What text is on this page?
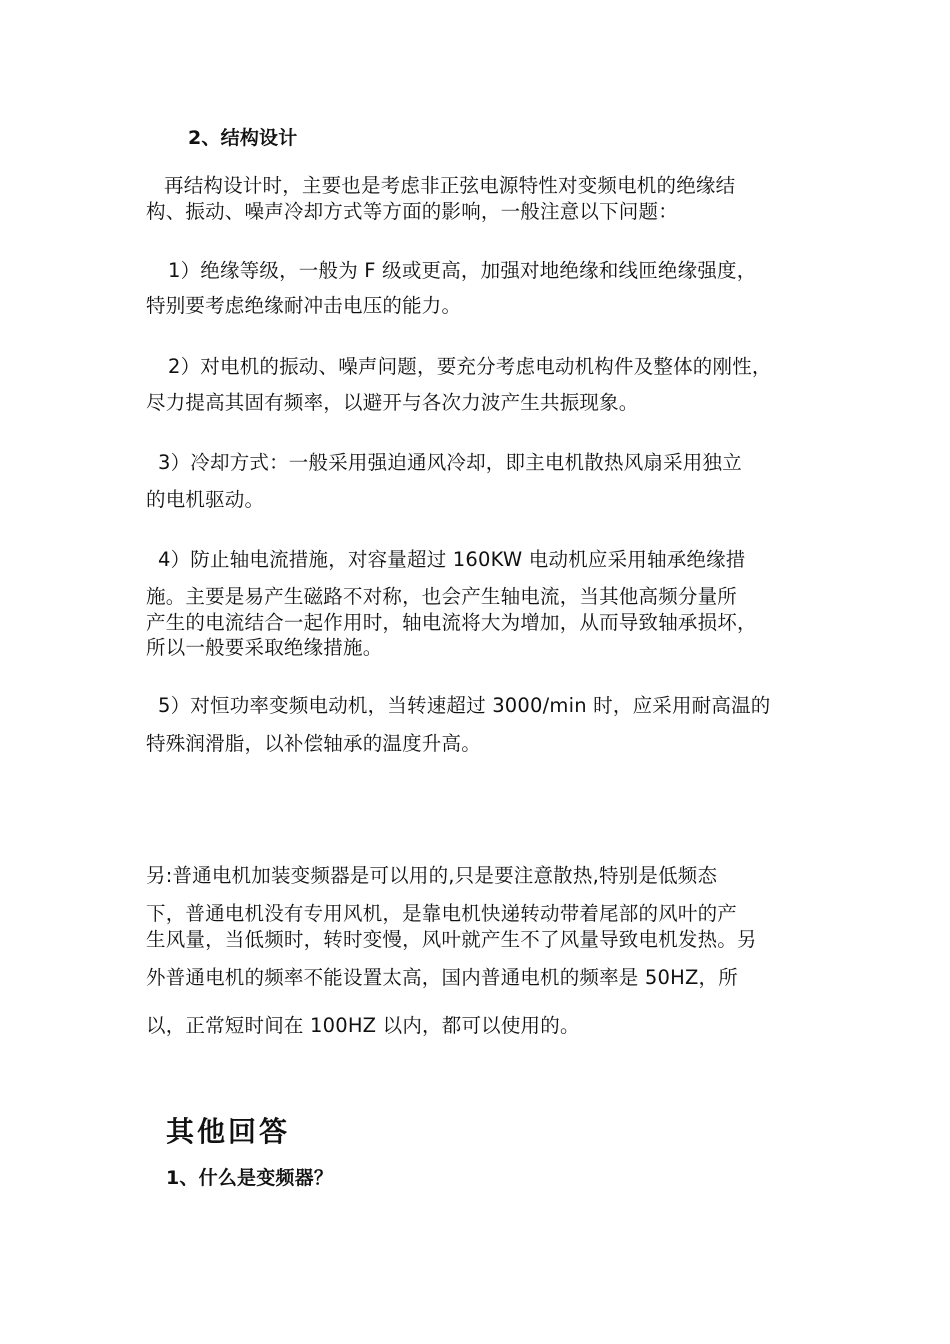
2、结构设计
再结构设计时，主要也是考虑非正弦电源特性对变频电机的绝缘结
构、振动、噪声冷却方式等方面的影响，一般注意以下问题：
1）绝缘等级，一般为 F 级或更高，加强对地绝缘和线匝绝缘强度，
特别要考虑绝缘耐冲击电压的能力。
2）对电机的振动、噪声问题，要充分考虑电动机构件及整体的刚性，
尽力提高其固有频率，以避开与各次力波产生共振现象。
3）冷却方式：一般采用强迫通风冷却，即主电机散热风扇采用独立
的电机驱动。
4）防止轴电流措施，对容量超过 160KW 电动机应采用轴承绝缘措
施。主要是易产生磁路不对称，也会产生轴电流，当其他高频分量所
产生的电流结合一起作用时，轴电流将大为增加，从而导致轴承损坏，
所以一般要采取绝缘措施。
5）对恒功率变频电动机，当转速超过 3000/min 时，应采用耐高温的
特殊润滑脂，以补偿轴承的温度升高。
另:普通电机加装变频器是可以用的,只是要注意散热,特别是低频态
下，普通电机没有专用风机，是靠电机快递转动带着尾部的风叶的产
生风量，当低频时，转时变慢，风叶就产生不了风量导致电机发热。另
外普通电机的频率不能设置太高，国内普通电机的频率是 50HZ，所
以，正常短时间在 100HZ 以内，都可以使用的。
其他回答
1、什么是变频器？
